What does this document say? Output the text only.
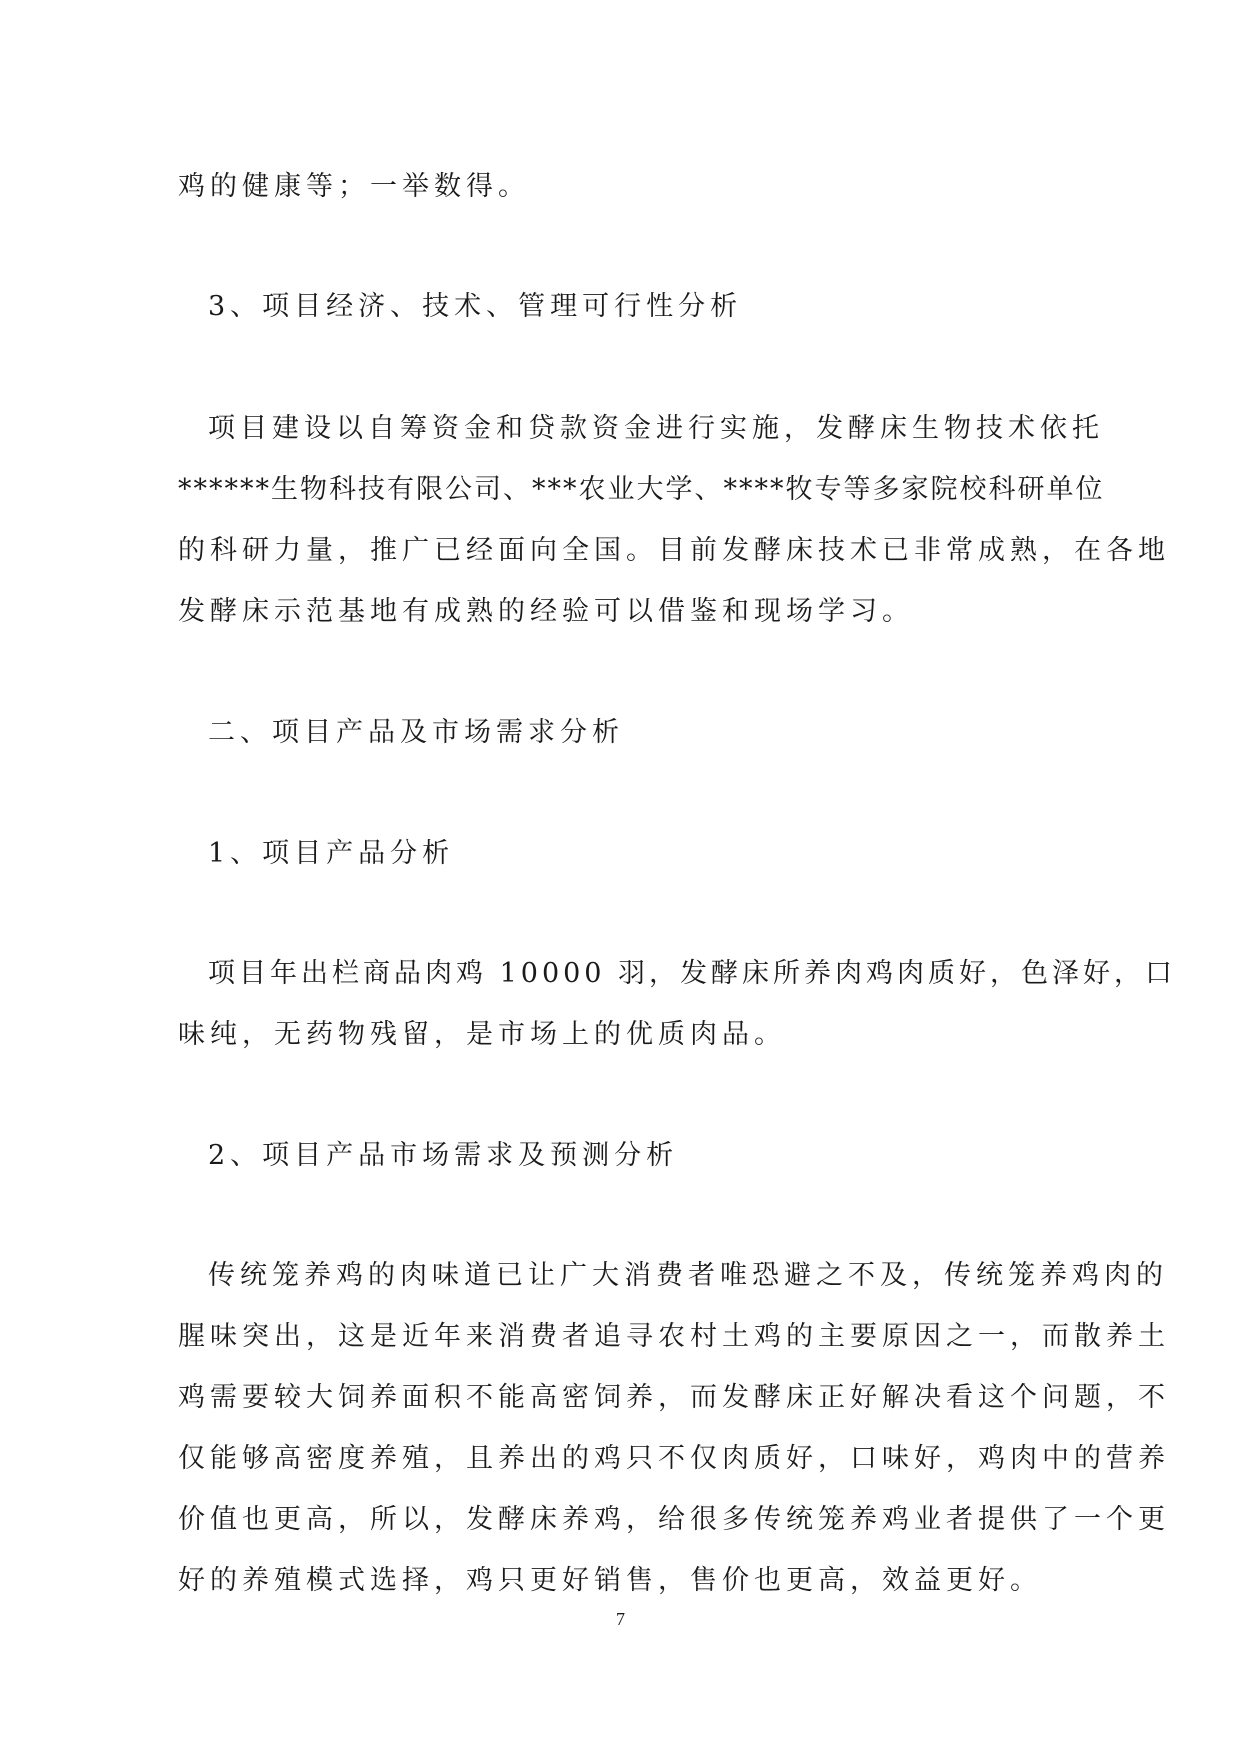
鸡的健康等；一举数得。
3、项目经济、技术、管理可行性分析
项目建设以自筹资金和贷款资金进行实施，发酵床生物技术依托
******生物科技有限公司、***农业大学、****牧专等多家院校科研单位
的科研力量，推广已经面向全国。目前发酵床技术已非常成熟，在各地
发酵床示范基地有成熟的经验可以借鉴和现场学习。
二、项目产品及市场需求分析
1、项目产品分析
项目年出栏商品肉鸡 10000 羽，发酵床所养肉鸡肉质好，色泽好，口
味纯，无药物残留，是市场上的优质肉品。
2、项目产品市场需求及预测分析
传统笼养鸡的肉味道已让广大消费者唯恐避之不及，传统笼养鸡肉的
腥味突出，这是近年来消费者追寻农村土鸡的主要原因之一，而散养土
鸡需要较大饲养面积不能高密饲养，而发酵床正好解决看这个问题，不
仅能够高密度养殖，且养出的鸡只不仅肉质好，口味好，鸡肉中的营养
价值也更高，所以，发酵床养鸡，给很多传统笼养鸡业者提供了一个更
好的养殖模式选择，鸡只更好销售，售价也更高，效益更好。
7
